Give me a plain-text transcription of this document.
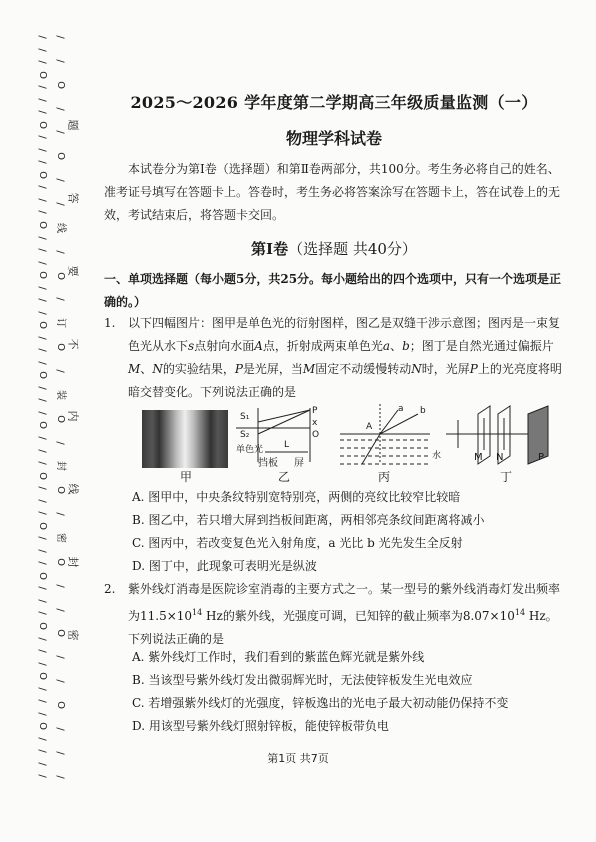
/
/
/
O
/
/
/
O
/
/
/
O
/
/
/
O
/
/
/
O
/
/
/
O
/
/
/
O
/
/
/
O
/
/
/
O
/
/
/
O
/
/
/
O
/
/
/
O
/
/
/
O
/
/
/
O
/
/
/
/
/
/
O
/
/
O
/
/
线
/
O
/
订
O
/
装
O
/
封
O
/
密
O
/
/
O
/
/
O
/
/
/
题
答
要
不
内
线
封
密
2025～2026 学年度第二学期高三年级质量监测（一）
物理学科试卷
本试卷分为第Ⅰ卷（选择题）和第Ⅱ卷两部分，共100分。考生务必将自己的姓名、准考证号填写在答题卡上。答卷时，考生务必将答案涂写在答题卡上，答在试卷上的无效，考试结束后，将答题卡交回。
第Ⅰ卷（选择题 共40分）
一、单项选择题（每小题5分，共25分。每小题给出的四个选项中，只有一个选项是正确的。）
1. 以下四幅图片：图甲是单色光的衍射图样，图乙是双缝干涉示意图；图丙是一束复色光从水下s点射向水面A点，折射成两束单色光a、b；图丁是自然光通过偏振片M、N的实验结果，P是光屏，当M固定不动缓慢转动N时，光屏P上的光亮度将明暗交替变化。下列说法正确的是
甲
S₁
S₂
P
x
O
单色光 L
挡板 屏
乙
A
a b
水
丙
M N	P
丁
A. 图甲中，中央条纹特别宽特别亮，两侧的亮纹比较窄比较暗
B. 图乙中，若只增大屏到挡板间距离，两相邻亮条纹间距离将减小
C. 图丙中，若改变复色光入射角度，a 光比 b 光先发生全反射
D. 图丁中，此现象可表明光是纵波
2. 紫外线灯消毒是医院诊室消毒的主要方式之一。某一型号的紫外线消毒灯发出频率为$11.5\times 10^{14}$ Hz的紫外线，光强度可调，已知锌的截止频率为$8.07\times 10^{14}$ Hz。下列说法正确的是
A. 紫外线灯工作时，我们看到的紫蓝色辉光就是紫外线
B. 当该型号紫外线灯发出微弱辉光时，无法使锌板发生光电效应
C. 若增强紫外线灯的光强度，锌板逸出的光电子最大初动能仍保持不变
D. 用该型号紫外线灯照射锌板，能使锌板带负电
第1页 共7页
